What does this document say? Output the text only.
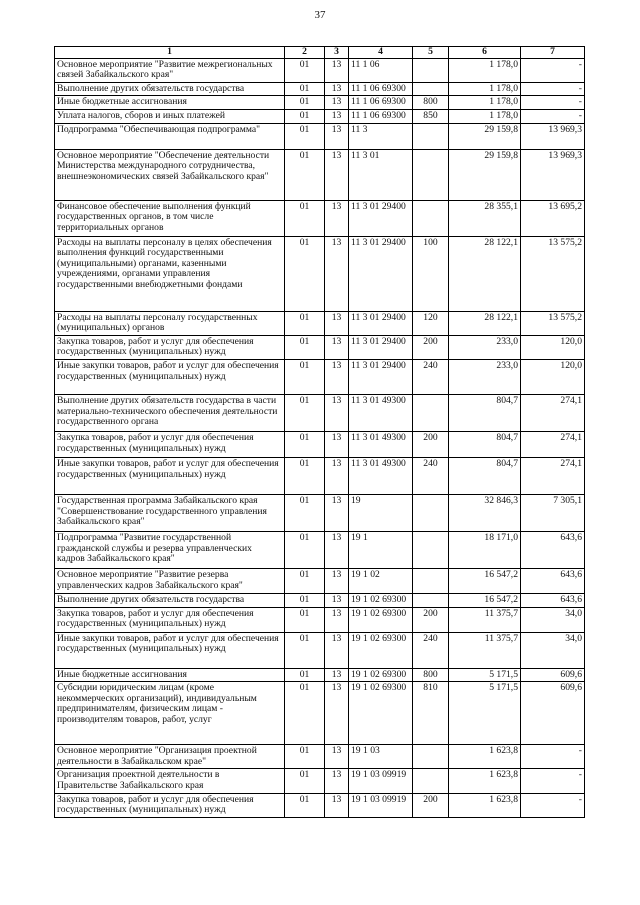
37
1	2	3	4	5	6	7
Основное мероприятие "Развитие межрегиональных связей Забайкальского края"	01	13	11 1 06		1 178,0	-
Выполнение других обязательств государства	01	13	11 1 06 69300		1 178,0	-
Иные бюджетные ассигнования	01	13	11 1 06 69300	800	1 178,0	-
Уплата налогов, сборов и иных платежей	01	13	11 1 06 69300	850	1 178,0	-
Подпрограмма "Обеспечивающая подпрограмма"	01	13	11 3		29 159,8	13 969,3
Основное мероприятие "Обеспечение деятельности Министерства международного сотрудничества, внешнеэкономических связей Забайкальского края"	01	13	11 3 01		29 159,8	13 969,3
Финансовое обеспечение выполнения функций государственных органов, в том числе территориальных органов	01	13	11 3 01 29400		28 355,1	13 695,2
Расходы на выплаты персоналу в целях обеспечения выполнения функций государственными (муниципальными) органами, казенными учреждениями, органами управления государственными внебюджетными фондами	01	13	11 3 01 29400	100	28 122,1	13 575,2
Расходы на выплаты персоналу государственных (муниципальных) органов	01	13	11 3 01 29400	120	28 122,1	13 575,2
Закупка товаров, работ и услуг для обеспечения государственных (муниципальных) нужд	01	13	11 3 01 29400	200	233,0	120,0
Иные закупки товаров, работ и услуг для обеспечения государственных (муниципальных) нужд	01	13	11 3 01 29400	240	233,0	120,0
Выполнение других обязательств государства в части материально-технического обеспечения деятельности государственного органа	01	13	11 3 01 49300		804,7	274,1
Закупка товаров, работ и услуг для обеспечения государственных (муниципальных) нужд	01	13	11 3 01 49300	200	804,7	274,1
Иные закупки товаров, работ и услуг для обеспечения государственных (муниципальных) нужд	01	13	11 3 01 49300	240	804,7	274,1
Государственная программа Забайкальского края "Совершенствование государственного управления Забайкальского края"	01	13	19		32 846,3	7 305,1
Подпрограмма "Развитие государственной гражданской службы и резерва управленческих кадров Забайкальского края"	01	13	19 1		18 171,0	643,6
Основное мероприятие "Развитие резерва управленческих кадров Забайкальского края"	01	13	19 1 02		16 547,2	643,6
Выполнение других обязательств государства	01	13	19 1 02 69300		16 547,2	643,6
Закупка товаров, работ и услуг для обеспечения государственных (муниципальных) нужд	01	13	19 1 02 69300	200	11 375,7	34,0
Иные закупки товаров, работ и услуг для обеспечения государственных (муниципальных) нужд	01	13	19 1 02 69300	240	11 375,7	34,0
Иные бюджетные ассигнования	01	13	19 1 02 69300	800	5 171,5	609,6
Субсидии юридическим лицам (кроме некоммерческих организаций), индивидуальным предпринимателям, физическим лицам - производителям товаров, работ, услуг	01	13	19 1 02 69300	810	5 171,5	609,6
Основное мероприятие "Организация проектной деятельности в Забайкальском крае"	01	13	19 1 03		1 623,8	-
Организация проектной деятельности в Правительстве Забайкальского края	01	13	19 1 03 09919		1 623,8	-
Закупка товаров, работ и услуг для обеспечения государственных (муниципальных) нужд	01	13	19 1 03 09919	200	1 623,8	-
